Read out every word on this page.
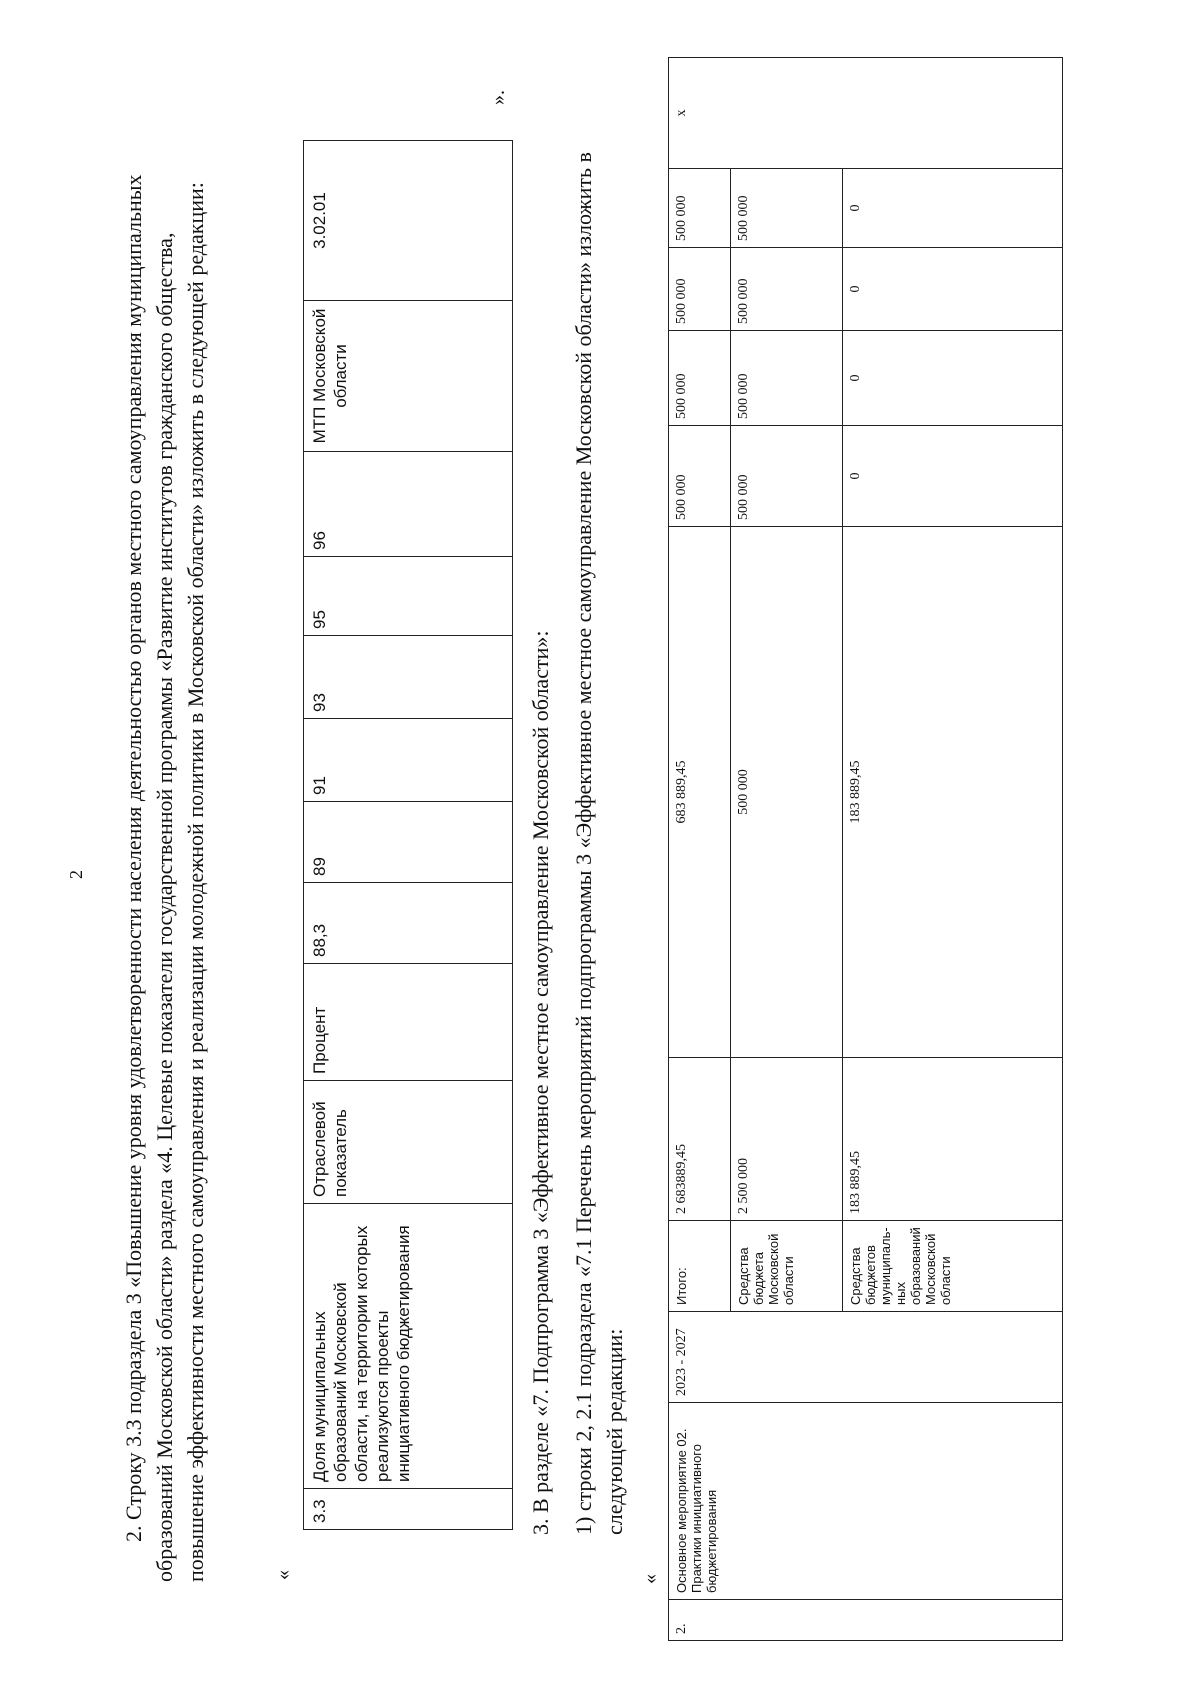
2 2. Строку 3.3 подраздела 3 «Повышение уровня удовлетворенности населения деятельностью органов местного самоуправления муниципальных образований Московской области» раздела «4. Целевые показатели государственной программы «Развитие институтов гражданского общества, повышение эффективности местного самоуправления и реализации молодежной политики в Московской области» изложить в следующей редакции:	«
3.3	Доля муниципальных образований Московской области, на территории которых реализуются проекты инициативного бюджетирования	Отраслевой показатель	Процент	88,3	89	91	93	95	96	МТП Московской области	3.02.01
».
3. В разделе «7. Подпрограмма 3 «Эффективное местное самоуправление Московской области»: 1) строки 2, 2.1 подраздела «7.1 Перечень мероприятий подпрограммы 3 «Эффективное местное самоуправление Московской области» изложить в следующей редакции:
«
2.	Основное мероприятие 02. Практики инициативного бюджетирования	2023 - 2027	Итого:	2 683889,45	683 889,45	500 000	500 000	500 000	500 000	х
			Средства бюджета Московской области	2 500 000	500 000	500 000	500 000	500 000	500 000	
			Средства бюджетов муниципаль-ных образований Московской области	183 889,45	183 889,45	0	0	0	0	
